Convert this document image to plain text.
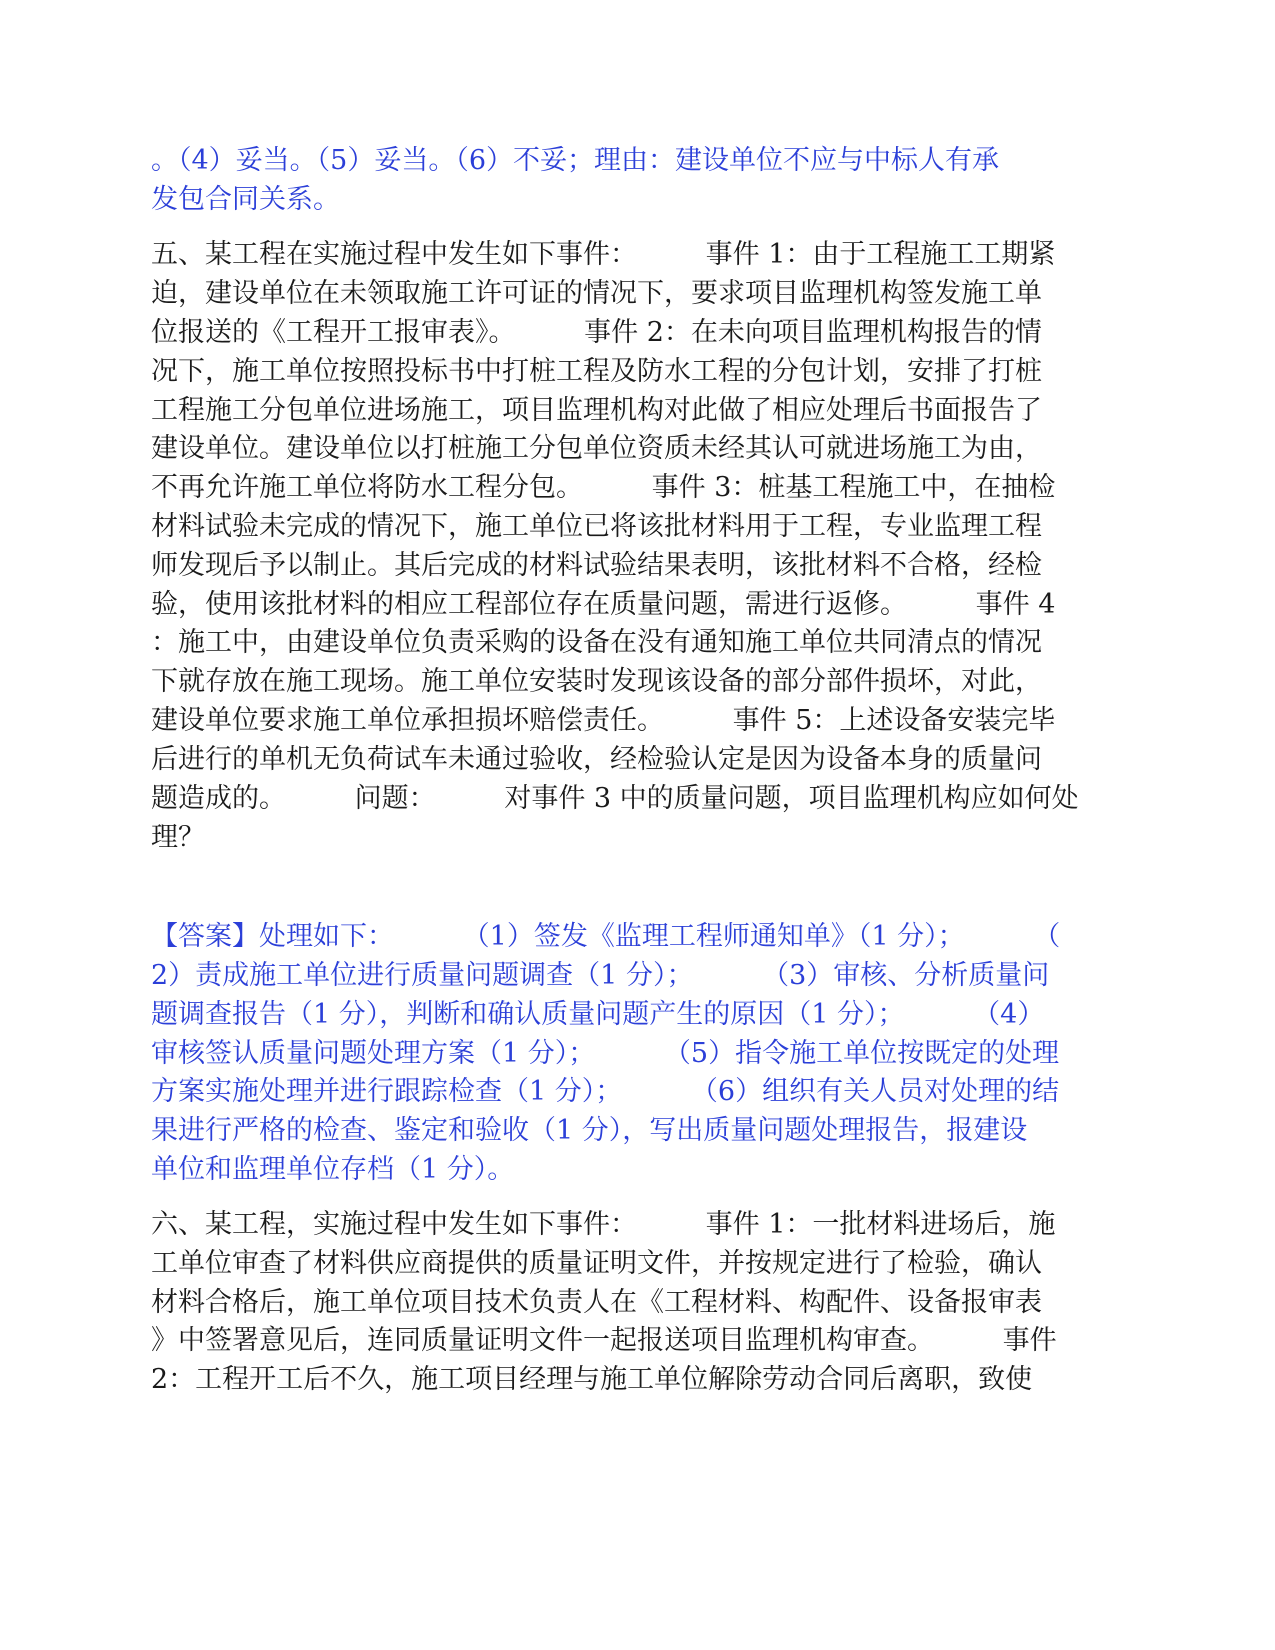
。（4）妥当。（5）妥当。（6）不妥；理由：建设单位不应与中标人有承
发包合同关系。
五、某工程在实施过程中发生如下事件：        事件 1：由于工程施工工期紧
迫，建设单位在未领取施工许可证的情况下，要求项目监理机构签发施工单
位报送的《工程开工报审表》。        事件 2：在未向项目监理机构报告的情
况下，施工单位按照投标书中打桩工程及防水工程的分包计划，安排了打桩
工程施工分包单位进场施工，项目监理机构对此做了相应处理后书面报告了
建设单位。建设单位以打桩施工分包单位资质未经其认可就进场施工为由，
不再允许施工单位将防水工程分包。        事件 3：桩基工程施工中，在抽检
材料试验未完成的情况下，施工单位已将该批材料用于工程，专业监理工程
师发现后予以制止。其后完成的材料试验结果表明，该批材料不合格，经检
验，使用该批材料的相应工程部位存在质量问题，需进行返修。        事件 4
：施工中，由建设单位负责采购的设备在没有通知施工单位共同清点的情况
下就存放在施工现场。施工单位安装时发现该设备的部分部件损坏，对此，
建设单位要求施工单位承担损坏赔偿责任。        事件 5：上述设备安装完毕
后进行的单机无负荷试车未通过验收，经检验认定是因为设备本身的质量问
题造成的。        问题：        对事件 3 中的质量问题，项目监理机构应如何处
理？
【答案】处理如下：        （1）签发《监理工程师通知单》（1 分）；        （
2）责成施工单位进行质量问题调查（1 分）；        （3）审核、分析质量问
题调查报告（1 分），判断和确认质量问题产生的原因（1 分）；        （4）
审核签认质量问题处理方案（1 分）；        （5）指令施工单位按既定的处理
方案实施处理并进行跟踪检查（1 分）；        （6）组织有关人员对处理的结
果进行严格的检查、鉴定和验收（1 分），写出质量问题处理报告，报建设
单位和监理单位存档（1 分）。
六、某工程，实施过程中发生如下事件：        事件 1：一批材料进场后，施
工单位审查了材料供应商提供的质量证明文件，并按规定进行了检验，确认
材料合格后，施工单位项目技术负责人在《工程材料、构配件、设备报审表
》中签署意见后，连同质量证明文件一起报送项目监理机构审查。        事件
2：工程开工后不久，施工项目经理与施工单位解除劳动合同后离职，致使
